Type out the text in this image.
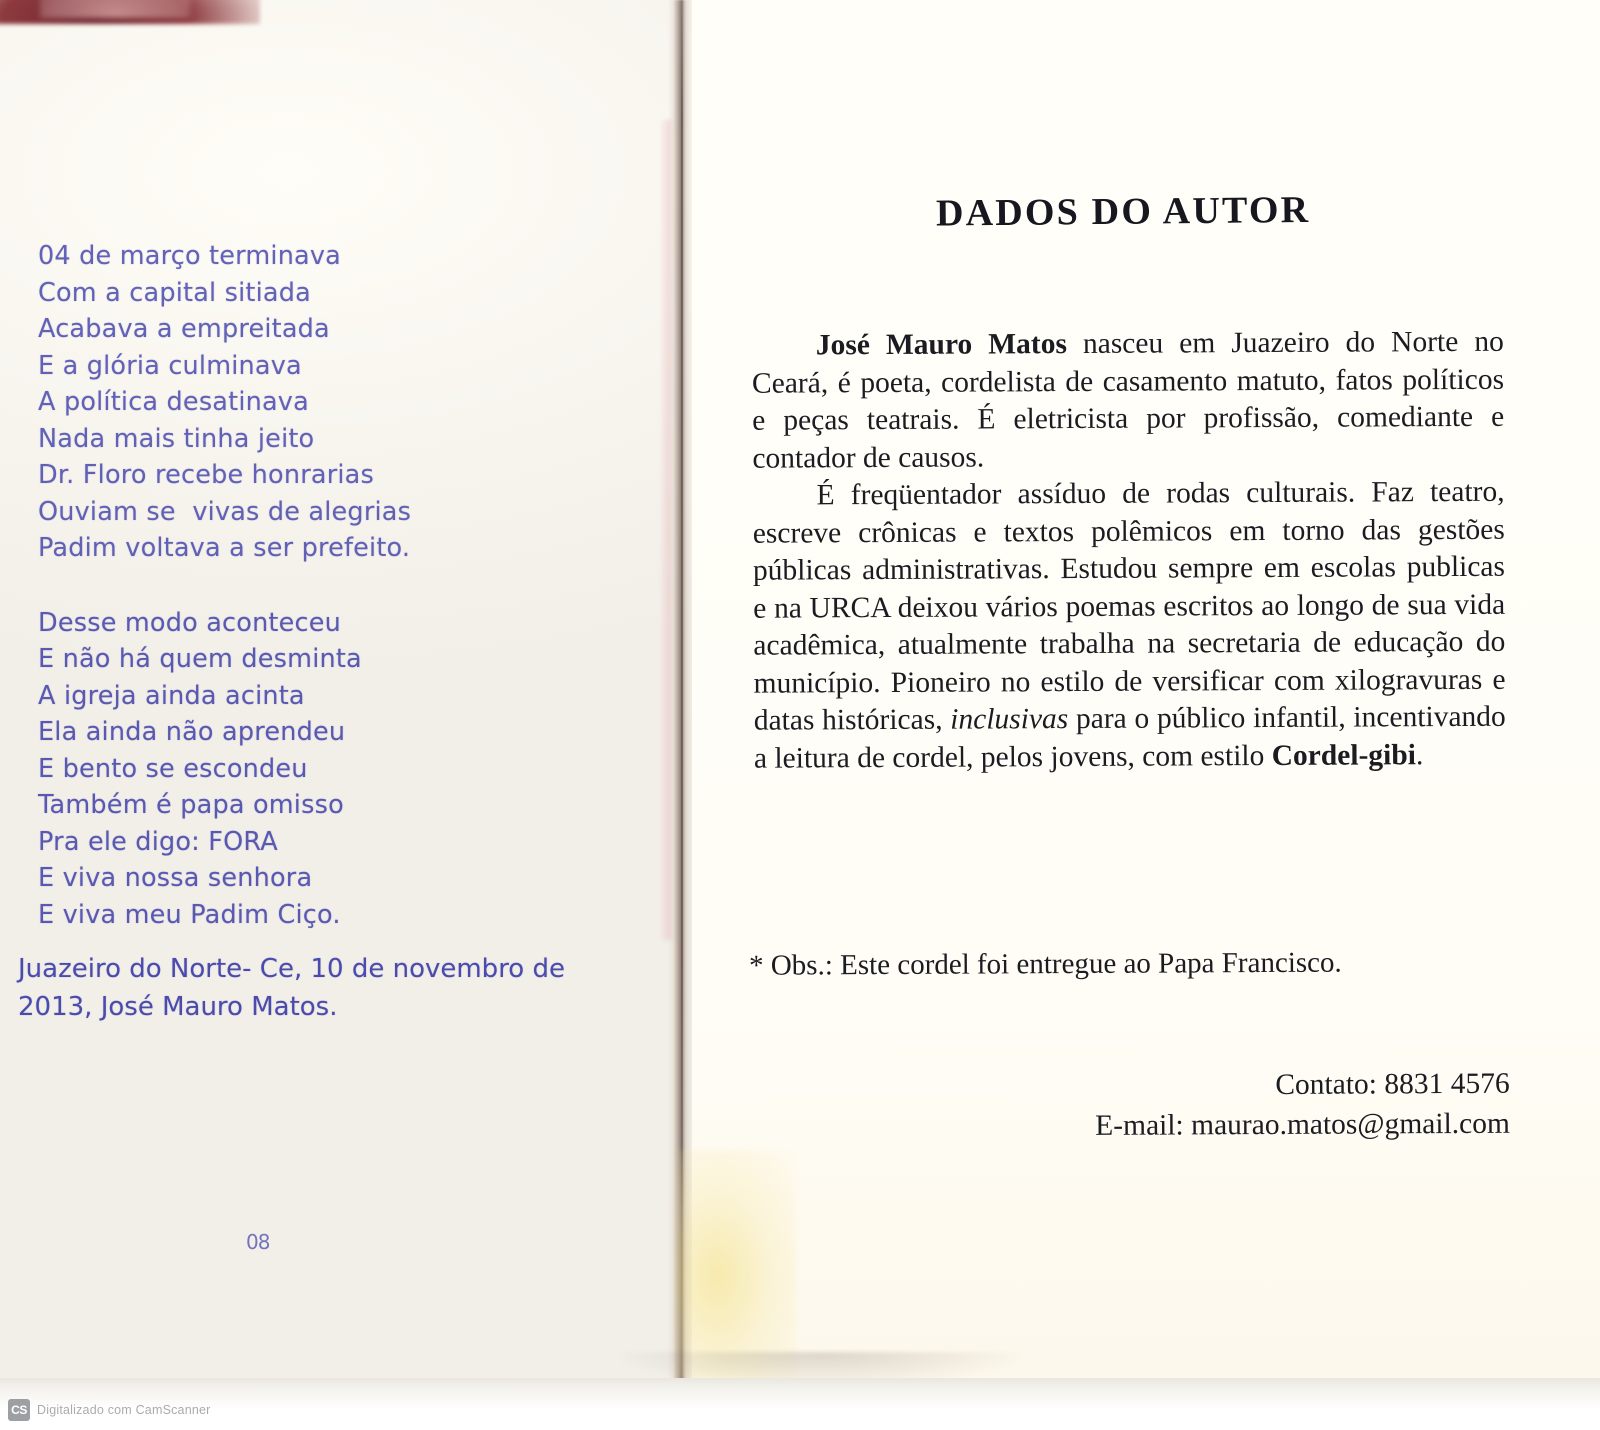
04 de março terminava
Com a capital sitiada
Acabava a empreitada
E a glória culminava
A política desatinava
Nada mais tinha jeito
Dr. Floro recebe honrarias
Ouviam se  vivas de alegrias
Padim voltava a ser prefeito.
Desse modo aconteceu
E não há quem desminta
A igreja ainda acinta
Ela ainda não aprendeu
E bento se escondeu
Também é papa omisso
Pra ele digo: FORA
E viva nossa senhora
E viva meu Padim Ciço.
Juazeiro do Norte- Ce, 10 de novembro de 2013, José Mauro Matos.
08
DADOS DO AUTOR

José Mauro Matos nasceu em Juazeiro do Norte no Ceará, é poeta, cordelista de casamento matuto, fatos políticos e peças teatrais. É eletricista por profissão, comediante e contador de causos.

É freqüentador assíduo de rodas culturais. Faz teatro, escreve crônicas e textos polêmicos em torno das gestões públicas administrativas. Estudou sempre em escolas publicas e na URCA deixou vários poemas escritos ao longo de sua vida acadêmica, atualmente trabalha na secretaria de educação do município. Pioneiro no estilo de versificar com xilogravuras e datas históricas, inclusivas para o público infantil, incentivando a leitura de cordel, pelos jovens, com estilo Cordel-gibi.

* Obs.: Este cordel foi entregue ao Papa Francisco.
Contato: 8831 4576
E-mail: maurao.matos@gmail.com
CS Digitalizado com CamScanner
